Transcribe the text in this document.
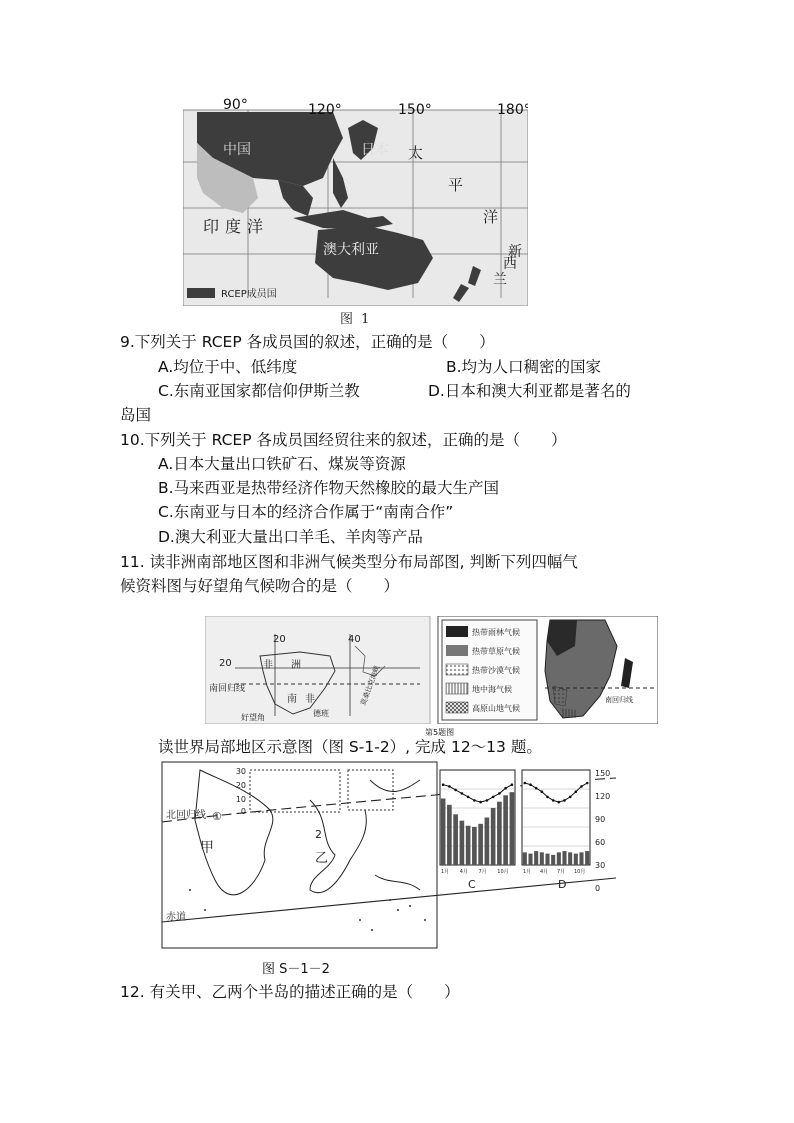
90°	120°	150°	180°
中国	日本 太
平
洋
印度洋
澳大利亚	新
西
兰
RCEP成员国
图 1
9.下列关于 RCEP 各成员国的叙述，正确的是（　　）
A.均位于中、低纬度	B.均为人口稠密的国家
C.东南亚国家都信仰伊斯兰教	D.日本和澳大利亚都是著名的
岛国
10.下列关于 RCEP 各成员国经贸往来的叙述，正确的是（　　）
A.日本大量出口铁矿石、煤炭等资源
B.马来西亚是热带经济作物天然橡胶的最大生产国
C.东南亚与日本的经济合作属于“南南合作”
D.澳大利亚大量出口羊毛、羊肉等产品
11. 读非洲南部地区图和非洲气候类型分布局部图, 判断下列四幅气
候资料图与好望角气候吻合的是（　　）
20	40
20	非 洲
南回归线
南 非
德班
好望角
莫桑比克海峡
热带雨林气候
热带草原气候
热带沙漠气候
地中海气候
高原山地气候
南回归线
第5题图
读世界局部地区示意图（图 S-1-2）, 完成 12～13 题。
北回归线 ①
2
甲
乙
赤道
1月 4月 7月 10月	1月 4月 7月 10月
30
20
10
0
150
120
90
60
30
0
C	D
图 S－1－2
12. 有关甲、乙两个半岛的描述正确的是（　　）
